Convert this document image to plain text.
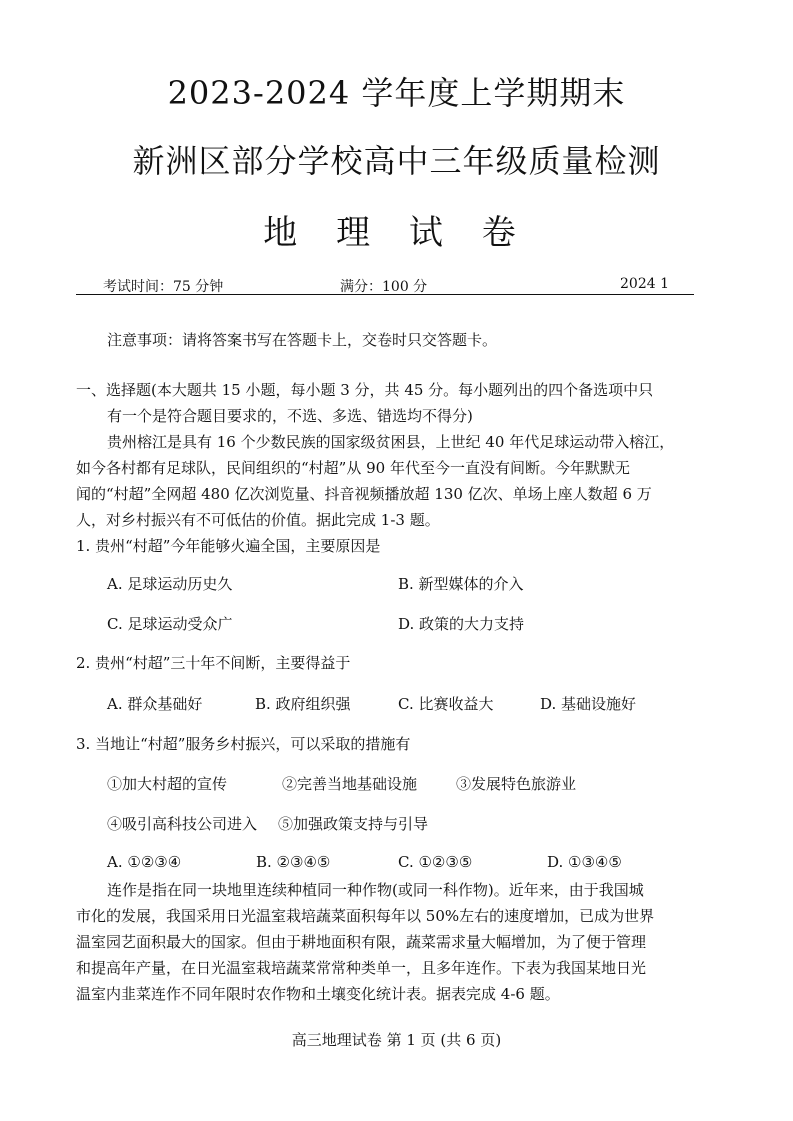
2023-2024 学年度上学期期末
新洲区部分学校高中三年级质量检测
地 理 试 卷
考试时间：75 分钟	满分：100 分	2024 1
注意事项：请将答案书写在答题卡上，交卷时只交答题卡。
一、选择题(本大题共 15 小题，每小题 3 分，共 45 分。每小题列出的四个备选项中只
有一个是符合题目要求的，不选、多选、错选均不得分)
贵州榕江是具有 16 个少数民族的国家级贫困县，上世纪 40 年代足球运动带入榕江，
如今各村都有足球队，民间组织的“村超”从 90 年代至今一直没有间断。今年默默无
闻的“村超”全网超 480 亿次浏览量、抖音视频播放超 130 亿次、单场上座人数超 6 万
人，对乡村振兴有不可低估的价值。据此完成 1-3 题。
1. 贵州“村超”今年能够火遍全国，主要原因是
A. 足球运动历史久	B. 新型媒体的介入
C. 足球运动受众广	D. 政策的大力支持
2. 贵州“村超”三十年不间断，主要得益于
A. 群众基础好	B. 政府组织强	C. 比赛收益大	D. 基础设施好
3. 当地让“村超”服务乡村振兴，可以采取的措施有
①加大村超的宣传	②完善当地基础设施	③发展特色旅游业
④吸引高科技公司进入 ⑤加强政策支持与引导
A. ①②③④	B. ②③④⑤	C. ①②③⑤	D. ①③④⑤
连作是指在同一块地里连续种植同一种作物(或同一科作物)。近年来，由于我国城
市化的发展，我国采用日光温室栽培蔬菜面积每年以 50%左右的速度增加，已成为世界
温室园艺面积最大的国家。但由于耕地面积有限，蔬菜需求量大幅增加，为了便于管理
和提高年产量，在日光温室栽培蔬菜常常种类单一，且多年连作。下表为我国某地日光
温室内韭菜连作不同年限时农作物和土壤变化统计表。据表完成 4-6 题。
高三地理试卷 第 1 页 (共 6 页)
